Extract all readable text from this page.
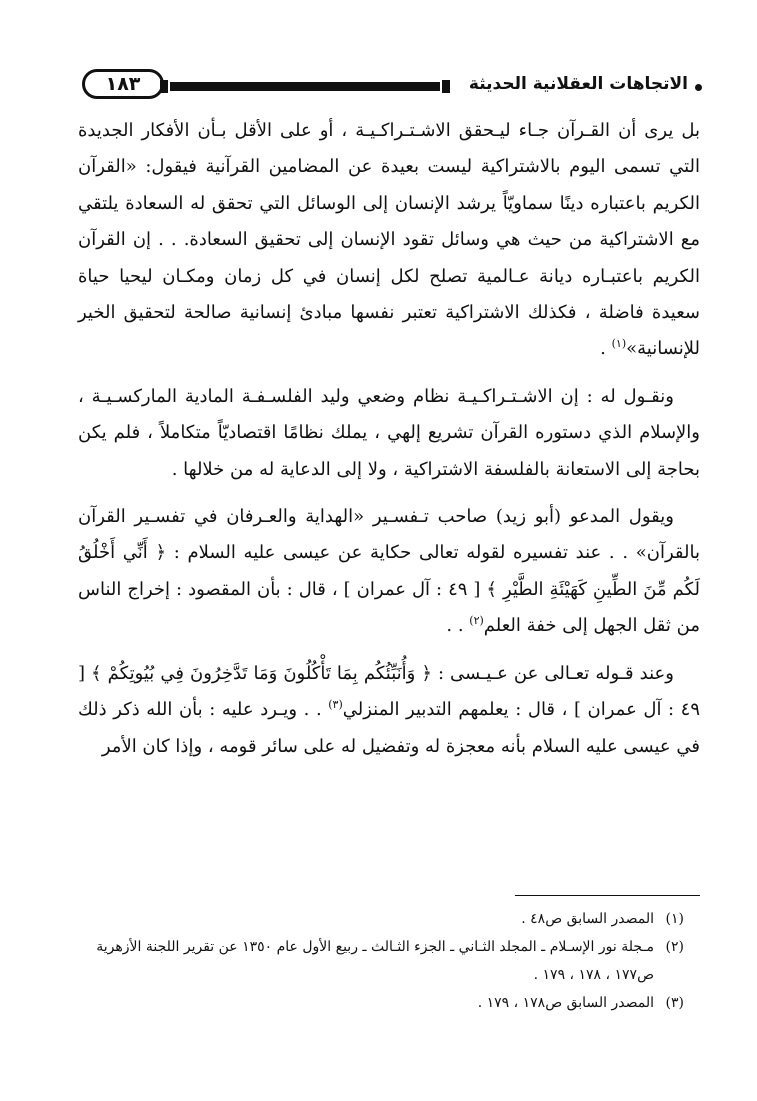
الاتجاهات العقلانية الحديثة
١٨٣

بل يرى أن القـرآن جـاء ليـحقق الاشـتـراكـيـة ، أو على الأقل بـأن الأفكار الجديدة التي تسمى اليوم بالاشتراكية ليست بعيدة عن المضامين القرآنية فيقول: «القرآن الكريم باعتباره دينًا سماويّاً يرشد الإنسان إلى الوسائل التي تحقق له السعادة يلتقي مع الاشتراكية من حيث هي وسائل تقود الإنسان إلى تحقيق السعادة. . . إن القرآن الكريم باعتبـاره ديانة عـالمية تصلح لكل إنسان في كل زمان ومكـان ليحيا حياة سعيدة فاضلة ، فكذلك الاشتراكية تعتبر نفسها مبادئ إنسانية صالحة لتحقيق الخير للإنسانية»$^{(١)}$ .

ونقـول له : إن الاشـتـراكـيـة نظام وضعي وليد الفلسـفـة المادية الماركسـيـة ، والإسلام الذي دستوره القرآن تشريع إلهي ، يملك نظامًا اقتصاديّاً متكاملاً ، فلم يكن بحاجة إلى الاستعانة بالفلسفة الاشتراكية ، ولا إلى الدعاية له من خلالها .

ويقول المدعو (أبو زيد) صاحب تـفسـير «الهداية والعـرفان في تفسـير القرآن بالقرآن» . . عند تفسيره لقوله تعالى حكاية عن عيسى عليه السلام : ﴿ أَنِّي أَخْلُقُ لَكُم مِّنَ الطِّينِ كَهَيْئَةِ الطَّيْرِ ﴾ [ ٤٩ : آل عمران ] ، قال : بأن المقصود : إخراج الناس من ثقل الجهل إلى خفة العلم$^{(٢)}$ . .

وعند قـوله تعـالى عن عـيـسى : ﴿ وَأُنَبِّئُكُم بِمَا تَأْكُلُونَ وَمَا تَدَّخِرُونَ فِي بُيُوتِكُمْ ﴾ [ ٤٩ : آل عمران ] ، قال : يعلمهم التدبير المنزلي$^{(٣)}$ . . ويـرد عليه : بأن الله ذكر ذلك في عيسى عليه السلام بأنه معجزة له وتفضيل له على سائر قومه ، وإذا كان الأمر

(١)
المصدر السابق ص٤٨ .

(٢)
مـجلة نور الإسـلام ـ المجلد الثـاني ـ الجزء الثـالث ـ ربيع الأول عام ١٣٥٠ عن تقرير اللجنة الأزهرية ص١٧٧ ، ١٧٨ ، ١٧٩ .

(٣)
المصدر السابق ص١٧٨ ، ١٧٩ .
